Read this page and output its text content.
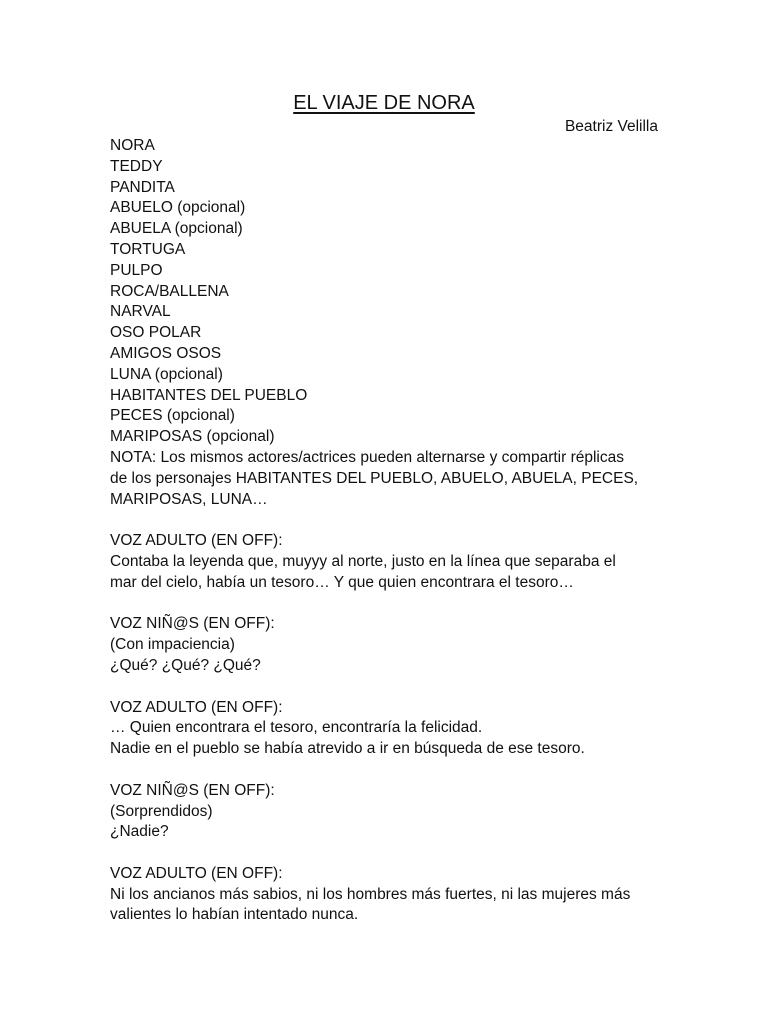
EL VIAJE DE NORA
Beatriz Velilla
NORA
TEDDY
PANDITA
ABUELO (opcional)
ABUELA (opcional)
TORTUGA
PULPO
ROCA/BALLENA
NARVAL
OSO POLAR
AMIGOS OSOS
LUNA (opcional)
HABITANTES DEL PUEBLO
PECES (opcional)
MARIPOSAS (opcional)
NOTA: Los mismos actores/actrices pueden alternarse y compartir réplicas
de los personajes HABITANTES DEL PUEBLO, ABUELO, ABUELA, PECES,
MARIPOSAS, LUNA…
VOZ ADULTO (EN OFF):
Contaba la leyenda que, muyyy al norte, justo en la línea que separaba el
mar del cielo, había un tesoro… Y que quien encontrara el tesoro…
VOZ NIÑ@S (EN OFF):
(Con impaciencia)
¿Qué? ¿Qué? ¿Qué?
VOZ ADULTO (EN OFF):
… Quien encontrara el tesoro, encontraría la felicidad.
Nadie en el pueblo se había atrevido a ir en búsqueda de ese tesoro.
VOZ NIÑ@S (EN OFF):
(Sorprendidos)
¿Nadie?
VOZ ADULTO (EN OFF):
Ni los ancianos más sabios, ni los hombres más fuertes, ni las mujeres más
valientes lo habían intentado nunca.
